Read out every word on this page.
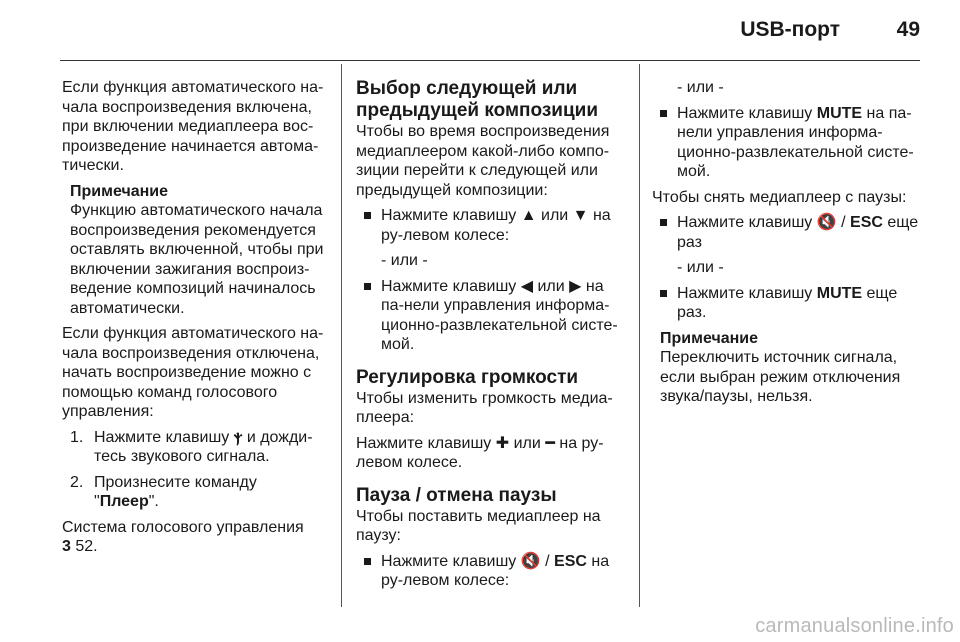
USB-порт	49

Если функция автоматического на-чала воспроизведения включена, при включении медиаплеера вос-произведение начинается автома-тически.

Примечание
Функцию автоматического начала воспроизведения рекомендуется оставлять включенной, чтобы при включении зажигания воспроиз-ведение композиций начиналось автоматически.

Если функция автоматического на-чала воспроизведения отключена, начать воспроизведение можно с помощью команд голосового управления:

1. Нажмите клавишу ⲯ и дожди-тесь звукового сигнала.
2. Произнесите команду "Плеер".

Система голосового управления
3 52.

Выбор следующей или предыдущей композиции

Чтобы во время воспроизведения медиаплеером какой-либо компо-зиции перейти к следующей или предыдущей композиции:

Нажмите клавишу ▲ или ▼ на ру-левом колесе:
- или -
Нажмите клавишу ◀ или ▶ на па-нели управления информа-ционно-развлекательной систе-мой.
Регулировка громкости

Чтобы изменить громкость медиа-плеера:

Нажмите клавишу ✚ или ━ на ру-левом колесе.

Пауза / отмена паузы

Чтобы поставить медиаплеер на паузу:

Нажмите клавишу 🔇 / ESC на ру-левом колесе:
- или -
Нажмите клавишу MUTE на па-нели управления информа-ционно-развлекательной систе-мой.

Чтобы снять медиаплеер с паузы:

Нажмите клавишу 🔇 / ESC еще раз
- или -
Нажмите клавишу MUTE еще раз.
Примечание
Переключить источник сигнала, если выбран режим отключения звука/паузы, нельзя.
carmanualsonline.info
